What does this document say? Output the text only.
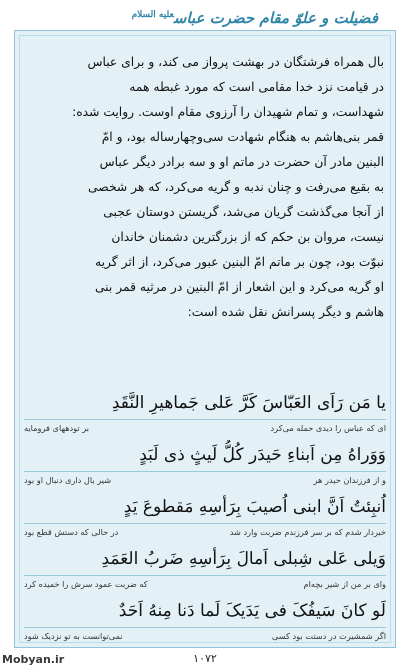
فضیلت و علوّ مقام حضرت عباس$^{علیه السلام}$
بال همراه فرشتگان در بهشت پرواز می کند، و برای عباس
در قیامت نزد خدا مقامی است که مورد غبطه همه
شهداست، و تمام شهیدان را آرزوی مقام اوست. روایت شده:
قمر بنی‌هاشم به هنگام شهادت سی‌وچهارساله بود، و امّ
البنین مادر آن حضرت در ماتم او و سه برادر دیگر عباس
به بقیع می‌رفت و چنان ندبه و گریه می‌کرد، که هر شخصی
از آنجا می‌گذشت گریان می‌شد، گریستن دوستان عجبی
نیست، مروان بن حکم که از بزرگترین دشمنان خاندان
نبوّت بود، چون بر ماتم امّ البنین عبور می‌کرد، از اثر گریه
او گریه می‌کرد و این اشعار از امّ البنین در مرثیه قمر بنی
هاشم و دیگر پسرانش نقل شده است:
یا مَن رَاَی العَبّاسَ کَرَّ عَلی جَماهیرِ النَّقَدِ
ای که عباس را دیدی حمله می‌کرد
بر تودههای فرومایه
وَوَراهُ مِن اَبناءِ حَیدَر کُلُّ لَیثٍ ذی لَبَدٍ
و از فرزندان حیدر هر
شیر یال داری دنبال او بود
اُنبِئتُ اَنَّ ابنی اُصیبَ بِرَأسِهِ مَقطوعَ یَدٍ
خبردار شدم که بر سر فرزندم ضربت وارد شد
در حالی که دستش قطع بود
وَیلی عَلی شِبلی اَمالَ بِرَأسِهِ ضَربُ العَمَدِ
وای بر من از شیر بچه‌ام
که ضربت عمود سرش را خمیده کرد
لَو کانَ سَیفُکَ فی یَدَیکَ لَما دَنا مِنهُ اَحَدٌ
اگر شمشیرت در دستت بود کسی
نمی‌توانست به تو نزدیک شود
۱۰۷۲
Mobyan.ir
